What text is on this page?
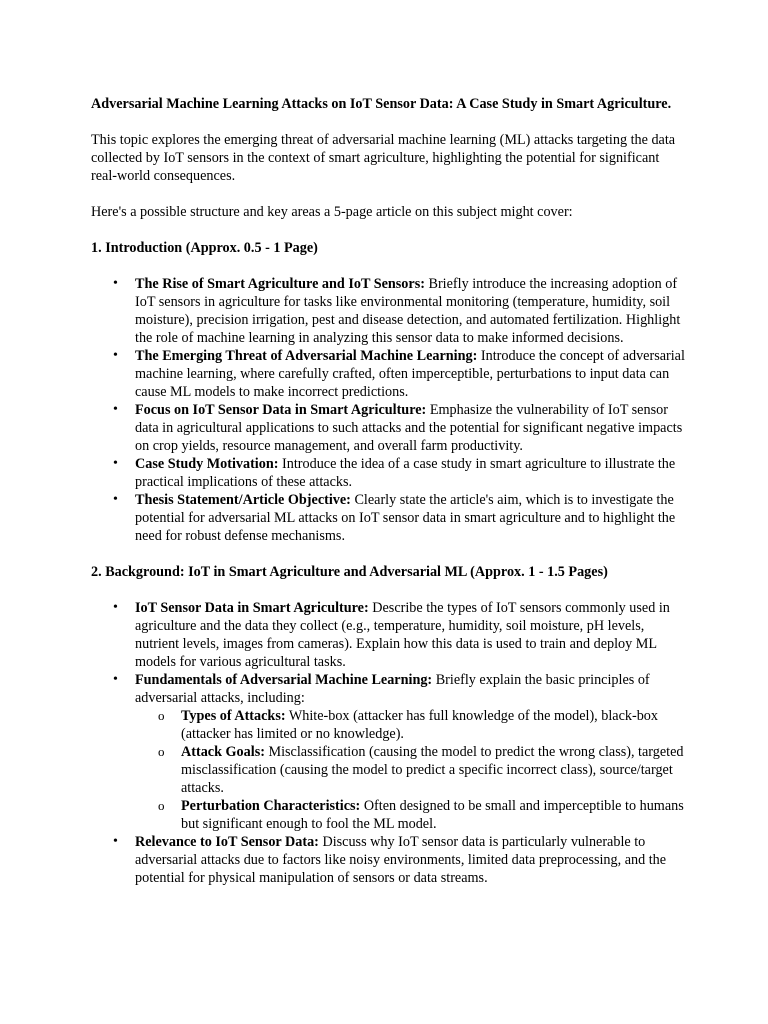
Adversarial Machine Learning Attacks on IoT Sensor Data: A Case Study in Smart Agriculture.

This topic explores the emerging threat of adversarial machine learning (ML) attacks targeting the data collected by IoT sensors in the context of smart agriculture, highlighting the potential for significant real-world consequences.

Here's a possible structure and key areas a 5-page article on this subject might cover:

1. Introduction (Approx. 0.5 - 1 Page)
• The Rise of Smart Agriculture and IoT Sensors: Briefly introduce the increasing adoption of IoT sensors in agriculture for tasks like environmental monitoring (temperature, humidity, soil moisture), precision irrigation, pest and disease detection, and automated fertilization. Highlight the role of machine learning in analyzing this sensor data to make informed decisions.
• The Emerging Threat of Adversarial Machine Learning: Introduce the concept of adversarial machine learning, where carefully crafted, often imperceptible, perturbations to input data can cause ML models to make incorrect predictions.
• Focus on IoT Sensor Data in Smart Agriculture: Emphasize the vulnerability of IoT sensor data in agricultural applications to such attacks and the potential for significant negative impacts on crop yields, resource management, and overall farm productivity.
• Case Study Motivation: Introduce the idea of a case study in smart agriculture to illustrate the practical implications of these attacks.
• Thesis Statement/Article Objective: Clearly state the article's aim, which is to investigate the potential for adversarial ML attacks on IoT sensor data in smart agriculture and to highlight the need for robust defense mechanisms.
2. Background: IoT in Smart Agriculture and Adversarial ML (Approx. 1 - 1.5 Pages)
• IoT Sensor Data in Smart Agriculture: Describe the types of IoT sensors commonly used in agriculture and the data they collect (e.g., temperature, humidity, soil moisture, pH levels, nutrient levels, images from cameras). Explain how this data is used to train and deploy ML models for various agricultural tasks.
• Fundamentals of Adversarial Machine Learning: Briefly explain the basic principles of adversarial attacks, including:
o Types of Attacks: White-box (attacker has full knowledge of the model), black-box (attacker has limited or no knowledge).
o Attack Goals: Misclassification (causing the model to predict the wrong class), targeted misclassification (causing the model to predict a specific incorrect class), source/target attacks.
o Perturbation Characteristics: Often designed to be small and imperceptible to humans but significant enough to fool the ML model.
• Relevance to IoT Sensor Data: Discuss why IoT sensor data is particularly vulnerable to adversarial attacks due to factors like noisy environments, limited data preprocessing, and the potential for physical manipulation of sensors or data streams.
